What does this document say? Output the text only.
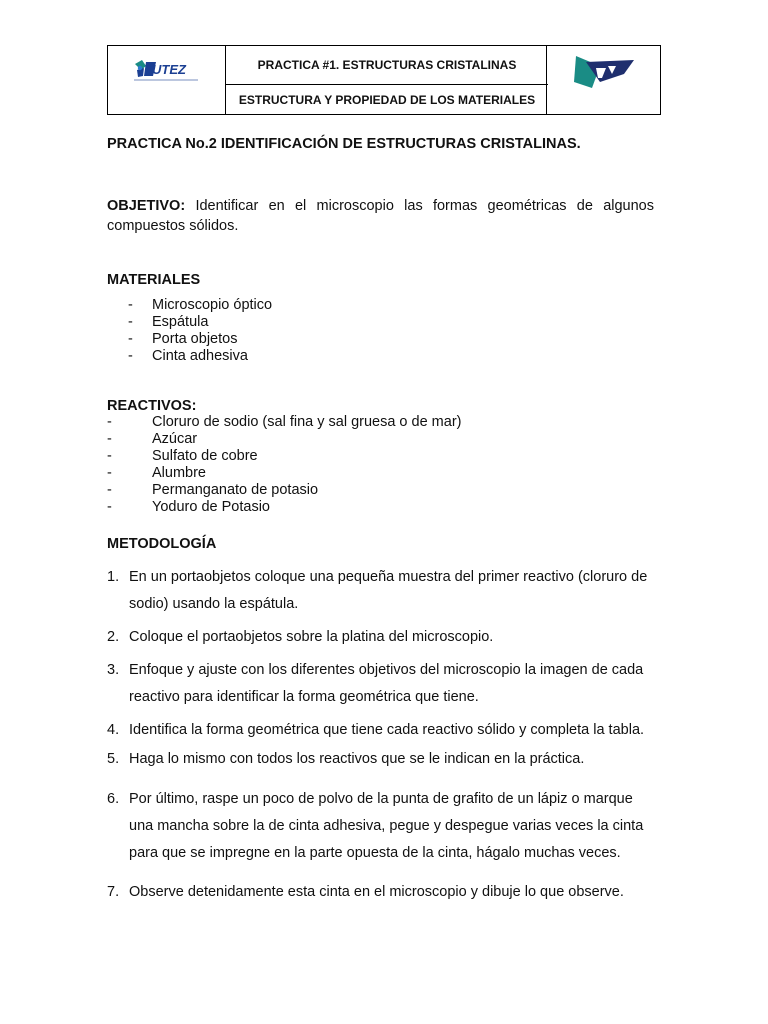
UTEZ	PRACTICA #1. ESTRUCTURAS CRISTALINAS
ESTRUCTURA Y PROPIEDAD DE LOS MATERIALES
PRACTICA No.2 IDENTIFICACIÓN DE ESTRUCTURAS CRISTALINAS.
OBJETIVO: Identificar en el microscopio las formas geométricas de algunos compuestos sólidos.
MATERIALES
- Microscopio óptico
- Espátula
- Porta objetos
- Cinta adhesiva
REACTIVOS:
-	Cloruro de sodio (sal fina y sal gruesa o de mar)
-	Azúcar
-	Sulfato de cobre
-	Alumbre
-	Permanganato de potasio
-	Yoduro de Potasio
METODOLOGÍA
1. En un portaobjetos coloque una pequeña muestra del primer reactivo (cloruro de
sodio) usando la espátula.
2. Coloque el portaobjetos sobre la platina del microscopio.
3. Enfoque y ajuste con los diferentes objetivos del microscopio la imagen de cada
reactivo para identificar la forma geométrica que tiene.
4. Identifica la forma geométrica que tiene cada reactivo sólido y completa la tabla.
5. Haga lo mismo con todos los reactivos que se le indican en la práctica.
6. Por último, raspe un poco de polvo de la punta de grafito de un lápiz o marque
una mancha sobre la de cinta adhesiva, pegue y despegue varias veces la cinta
para que se impregne en la parte opuesta de la cinta, hágalo muchas veces.
7. Observe detenidamente esta cinta en el microscopio y dibuje lo que observe.
